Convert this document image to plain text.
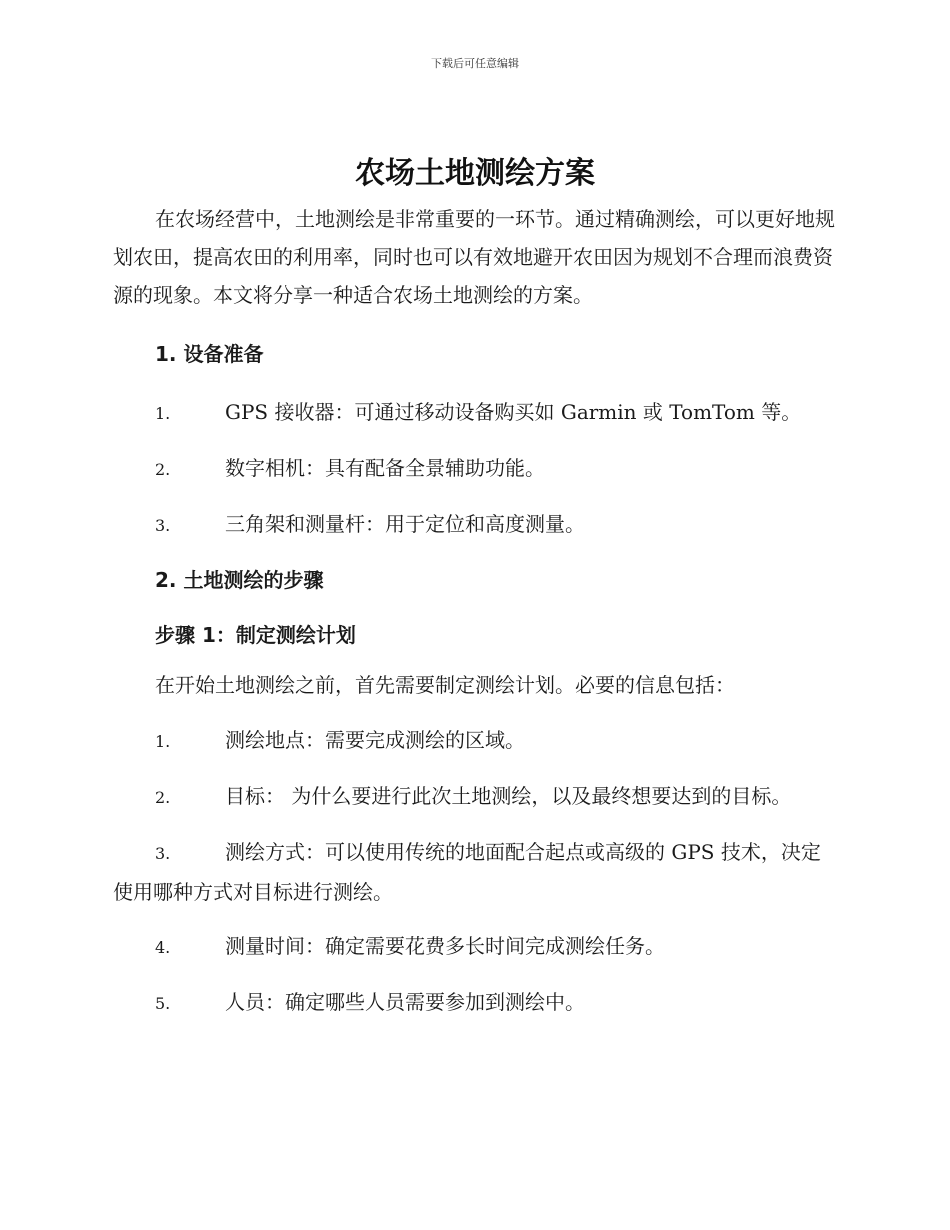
下载后可任意编辑
农场土地测绘方案

在农场经营中，土地测绘是非常重要的一环节。通过精确测绘，可以更好地规划农田，提高农田的利用率，同时也可以有效地避开农田因为规划不合理而浪费资源的现象。本文将分享一种适合农场土地测绘的方案。

1. 设备准备

1.	GPS 接收器：可通过移动设备购买如 Garmin 或 TomTom 等。

2.	数字相机：具有配备全景辅助功能。

3.	三角架和测量杆：用于定位和高度测量。

2. 土地测绘的步骤

步骤 1：制定测绘计划

在开始土地测绘之前，首先需要制定测绘计划。必要的信息包括：

1.	测绘地点：需要完成测绘的区域。

2.	目标： 为什么要进行此次土地测绘，以及最终想要达到的目标。

3.	测绘方式：可以使用传统的地面配合起点或高级的 GPS 技术，决定使用哪种方式对目标进行测绘。

4.	测量时间：确定需要花费多长时间完成测绘任务。

5.	人员：确定哪些人员需要参加到测绘中。
